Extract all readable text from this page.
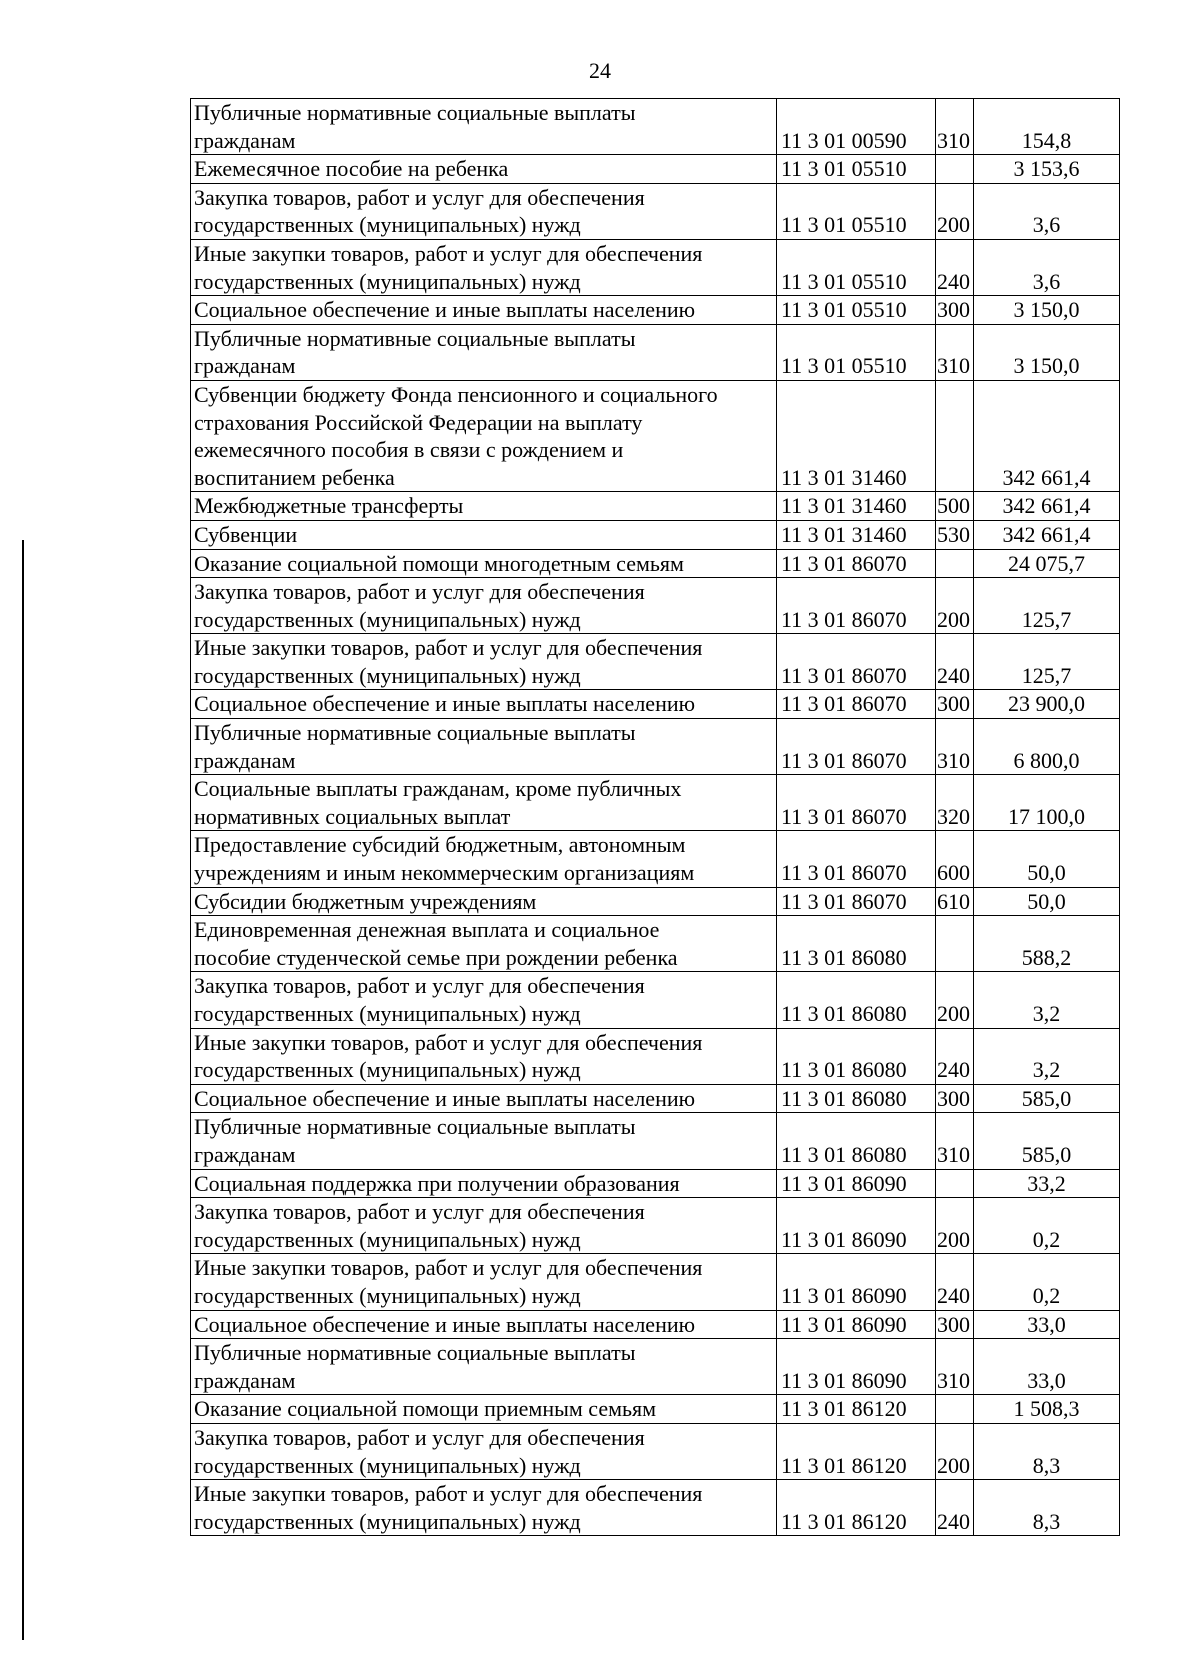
24
Публичные нормативные социальные выплаты
гражданам	11 3 01 00590	310	154,8

Ежемесячное пособие на ребенка	11 3 01 05510		3 153,6

Закупка товаров, работ и услуг для обеспечения
государственных (муниципальных) нужд	11 3 01 05510	200	3,6

Иные закупки товаров, работ и услуг для обеспечения
государственных (муниципальных) нужд	11 3 01 05510	240	3,6

Социальное обеспечение и иные выплаты населению	11 3 01 05510	300	3 150,0

Публичные нормативные социальные выплаты
гражданам	11 3 01 05510	310	3 150,0

Субвенции бюджету Фонда пенсионного и социального
страхования Российской Федерации на выплату
ежемесячного пособия в связи с рождением и
воспитанием ребенка	11 3 01 31460		342 661,4

Межбюджетные трансферты	11 3 01 31460	500	342 661,4

Субвенции	11 3 01 31460	530	342 661,4

Оказание социальной помощи многодетным семьям	11 3 01 86070		24 075,7

Закупка товаров, работ и услуг для обеспечения
государственных (муниципальных) нужд	11 3 01 86070	200	125,7

Иные закупки товаров, работ и услуг для обеспечения
государственных (муниципальных) нужд	11 3 01 86070	240	125,7

Социальное обеспечение и иные выплаты населению	11 3 01 86070	300	23 900,0

Публичные нормативные социальные выплаты
гражданам	11 3 01 86070	310	6 800,0

Социальные выплаты гражданам, кроме публичных
нормативных социальных выплат	11 3 01 86070	320	17 100,0

Предоставление субсидий бюджетным, автономным
учреждениям и иным некоммерческим организациям	11 3 01 86070	600	50,0

Субсидии бюджетным учреждениям	11 3 01 86070	610	50,0

Единовременная денежная выплата и социальное
пособие студенческой семье при рождении ребенка	11 3 01 86080		588,2

Закупка товаров, работ и услуг для обеспечения
государственных (муниципальных) нужд	11 3 01 86080	200	3,2

Иные закупки товаров, работ и услуг для обеспечения
государственных (муниципальных) нужд	11 3 01 86080	240	3,2

Социальное обеспечение и иные выплаты населению	11 3 01 86080	300	585,0

Публичные нормативные социальные выплаты
гражданам	11 3 01 86080	310	585,0

Социальная поддержка при получении образования	11 3 01 86090		33,2

Закупка товаров, работ и услуг для обеспечения
государственных (муниципальных) нужд	11 3 01 86090	200	0,2

Иные закупки товаров, работ и услуг для обеспечения
государственных (муниципальных) нужд	11 3 01 86090	240	0,2

Социальное обеспечение и иные выплаты населению	11 3 01 86090	300	33,0

Публичные нормативные социальные выплаты
гражданам	11 3 01 86090	310	33,0

Оказание социальной помощи приемным семьям	11 3 01 86120		1 508,3

Закупка товаров, работ и услуг для обеспечения
государственных (муниципальных) нужд	11 3 01 86120	200	8,3

Иные закупки товаров, работ и услуг для обеспечения
государственных (муниципальных) нужд	11 3 01 86120	240	8,3
